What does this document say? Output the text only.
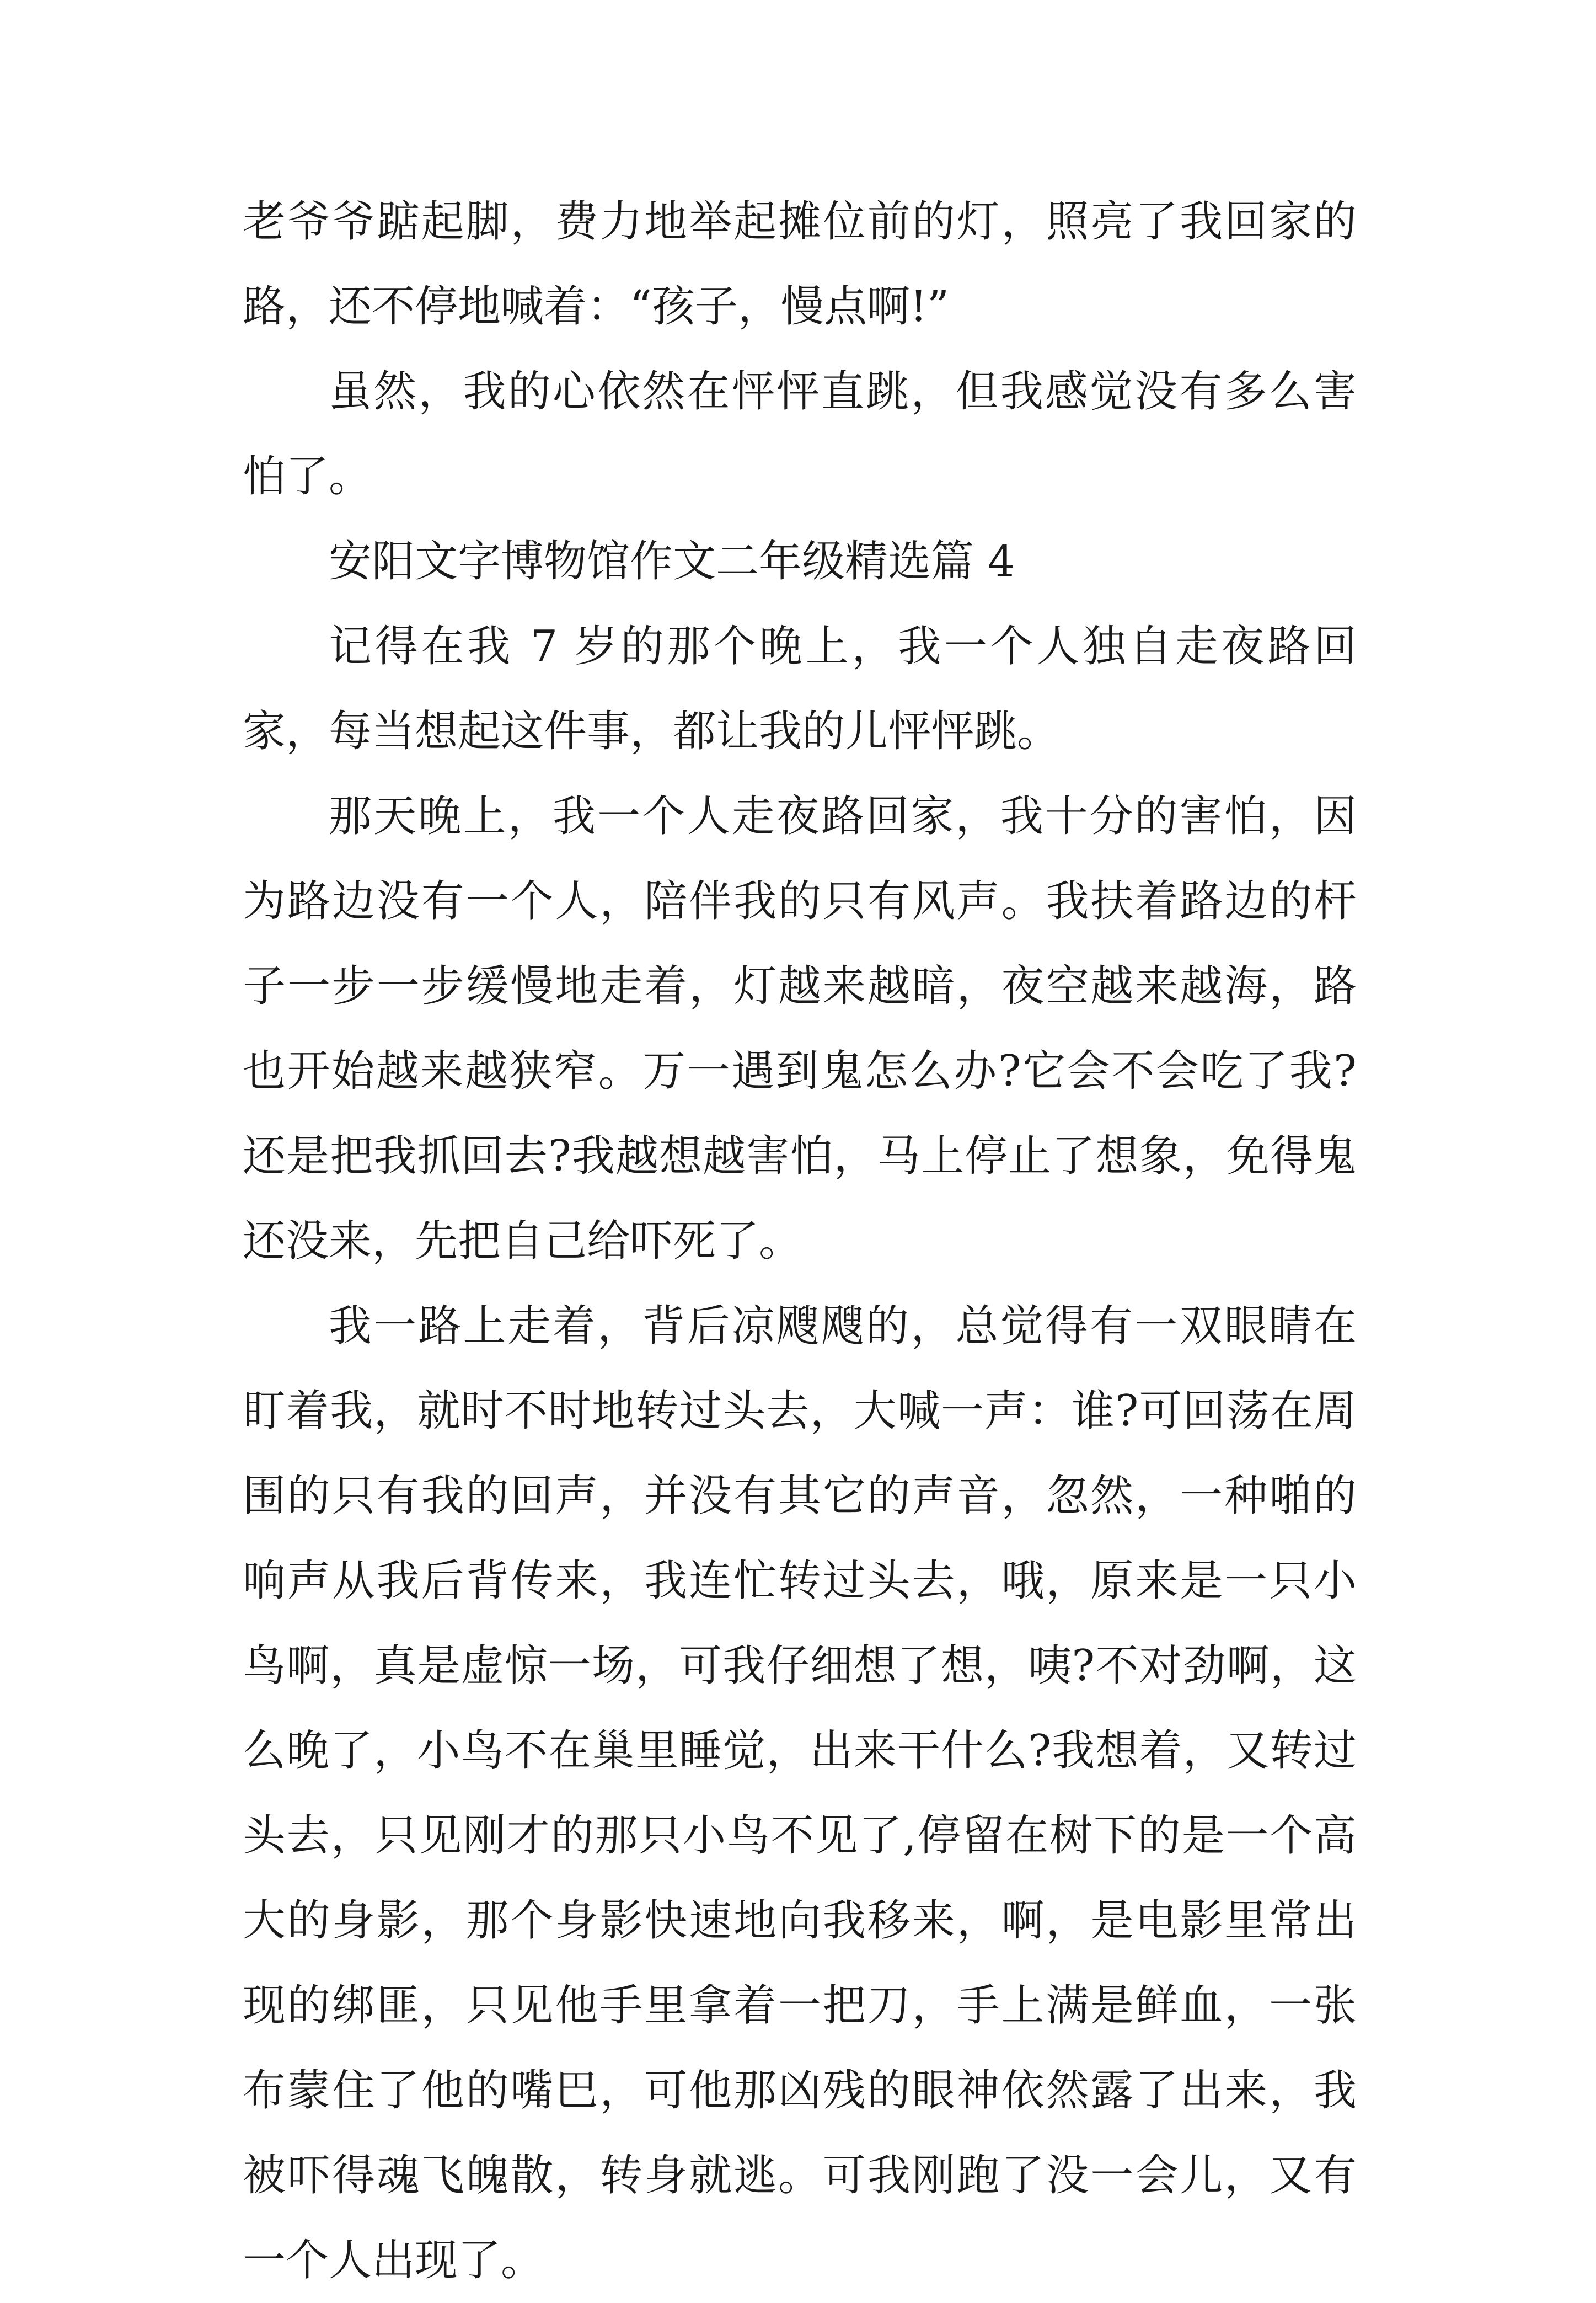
老爷爷踮起脚，费力地举起摊位前的灯，照亮了我回家的路，还不停地喊着：“孩子，慢点啊!”

虽然，我的心依然在怦怦直跳，但我感觉没有多么害怕了。

安阳文字博物馆作文二年级精选篇 4

记得在我 7 岁的那个晚上，我一个人独自走夜路回家，每当想起这件事，都让我的儿怦怦跳。

那天晚上，我一个人走夜路回家，我十分的害怕，因为路边没有一个人，陪伴我的只有风声。我扶着路边的杆子一步一步缓慢地走着，灯越来越暗，夜空越来越海，路也开始越来越狭窄。万一遇到鬼怎么办?它会不会吃了我?还是把我抓回去?我越想越害怕，马上停止了想象，免得鬼还没来，先把自己给吓死了。

我一路上走着，背后凉飕飕的，总觉得有一双眼睛在盯着我，就时不时地转过头去，大喊一声：谁?可回荡在周围的只有我的回声，并没有其它的声音，忽然，一种啪的响声从我后背传来，我连忙转过头去，哦，原来是一只小鸟啊，真是虚惊一场，可我仔细想了想，咦?不对劲啊，这么晚了，小鸟不在巢里睡觉，出来干什么?我想着，又转过头去，只见刚才的那只小鸟不见了,停留在树下的是一个高大的身影，那个身影快速地向我移来，啊，是电影里常出现的绑匪，只见他手里拿着一把刀，手上满是鲜血，一张布蒙住了他的嘴巴，可他那凶残的眼神依然露了出来，我被吓得魂飞魄散，转身就逃。可我刚跑了没一会儿，又有一个人出现了。
